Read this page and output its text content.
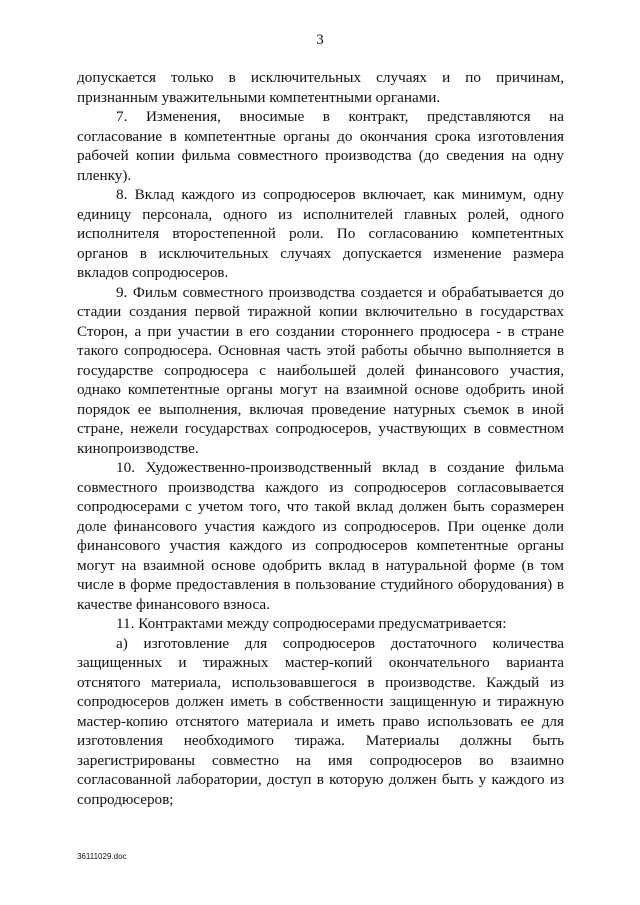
3

допускается только в исключительных случаях и по причинам, признанным уважительными компетентными органами.

7. Изменения, вносимые в контракт, представляются на согласование в компетентные органы до окончания срока изготовления рабочей копии фильма совместного производства (до сведения на одну пленку).

8. Вклад каждого из сопродюсеров включает, как минимум, одну единицу персонала, одного из исполнителей главных ролей, одного исполнителя второстепенной роли. По согласованию компетентных органов в исключительных случаях допускается изменение размера вкладов сопродюсеров.

9. Фильм совместного производства создается и обрабатывается до стадии создания первой тиражной копии включительно в государствах Сторон, а при участии в его создании стороннего продюсера - в стране такого сопродюсера. Основная часть этой работы обычно выполняется в государстве сопродюсера с наибольшей долей финансового участия, однако компетентные органы могут на взаимной основе одобрить иной порядок ее выполнения, включая проведение натурных съемок в иной стране, нежели государствах сопродюсеров, участвующих в совместном кинопроизводстве.

10. Художественно-производственный вклад в создание фильма совместного производства каждого из сопродюсеров согласовывается сопродюсерами с учетом того, что такой вклад должен быть соразмерен доле финансового участия каждого из сопродюсеров. При оценке доли финансового участия каждого из сопродюсеров компетентные органы могут на взаимной основе одобрить вклад в натуральной форме (в том числе в форме предоставления в пользование студийного оборудования) в качестве финансового взноса.

11. Контрактами между сопродюсерами предусматривается:

а) изготовление для сопродюсеров достаточного количества защищенных и тиражных мастер-копий окончательного варианта отснятого материала, использовавшегося в производстве. Каждый из сопродюсеров должен иметь в собственности защищенную и тиражную мастер-копию отснятого материала и иметь право использовать ее для изготовления необходимого тиража. Материалы должны быть зарегистрированы совместно на имя сопродюсеров во взаимно согласованной лаборатории, доступ в которую должен быть у каждого из сопродюсеров;

36111029.doc
